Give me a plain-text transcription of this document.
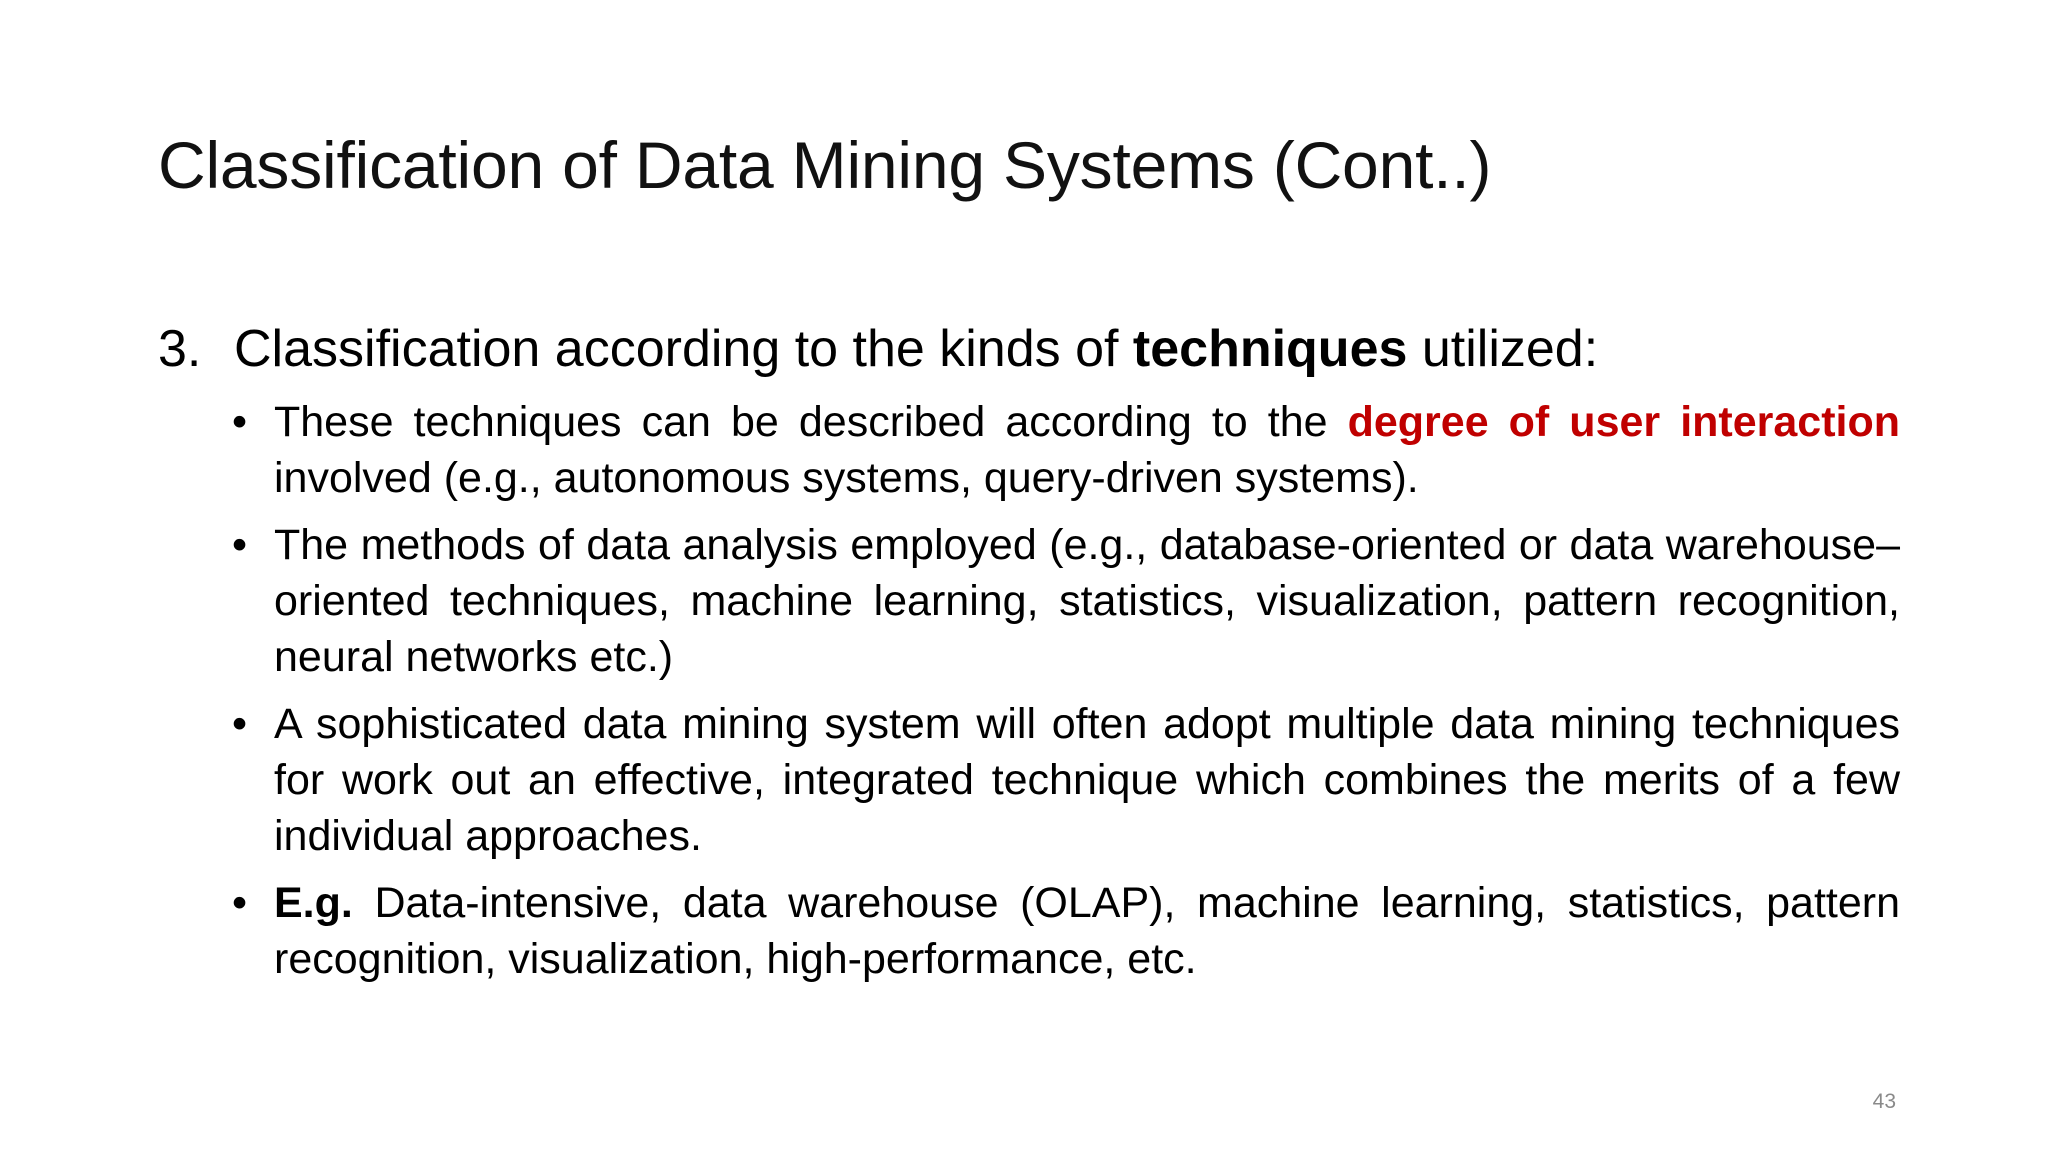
Classification of Data Mining Systems (Cont..)
3. Classification according to the kinds of techniques utilized:
• These techniques can be described according to the degree of user interaction involved (e.g., autonomous systems, query-driven systems).
• The methods of data analysis employed (e.g., database-oriented or data warehouse–oriented techniques, machine learning, statistics, visualization, pattern recognition, neural networks etc.)
• A sophisticated data mining system will often adopt multiple data mining techniques for work out an effective, integrated technique which combines the merits of a few individual approaches.
• E.g. Data-intensive, data warehouse (OLAP), machine learning, statistics, pattern recognition, visualization, high-performance, etc.
43
